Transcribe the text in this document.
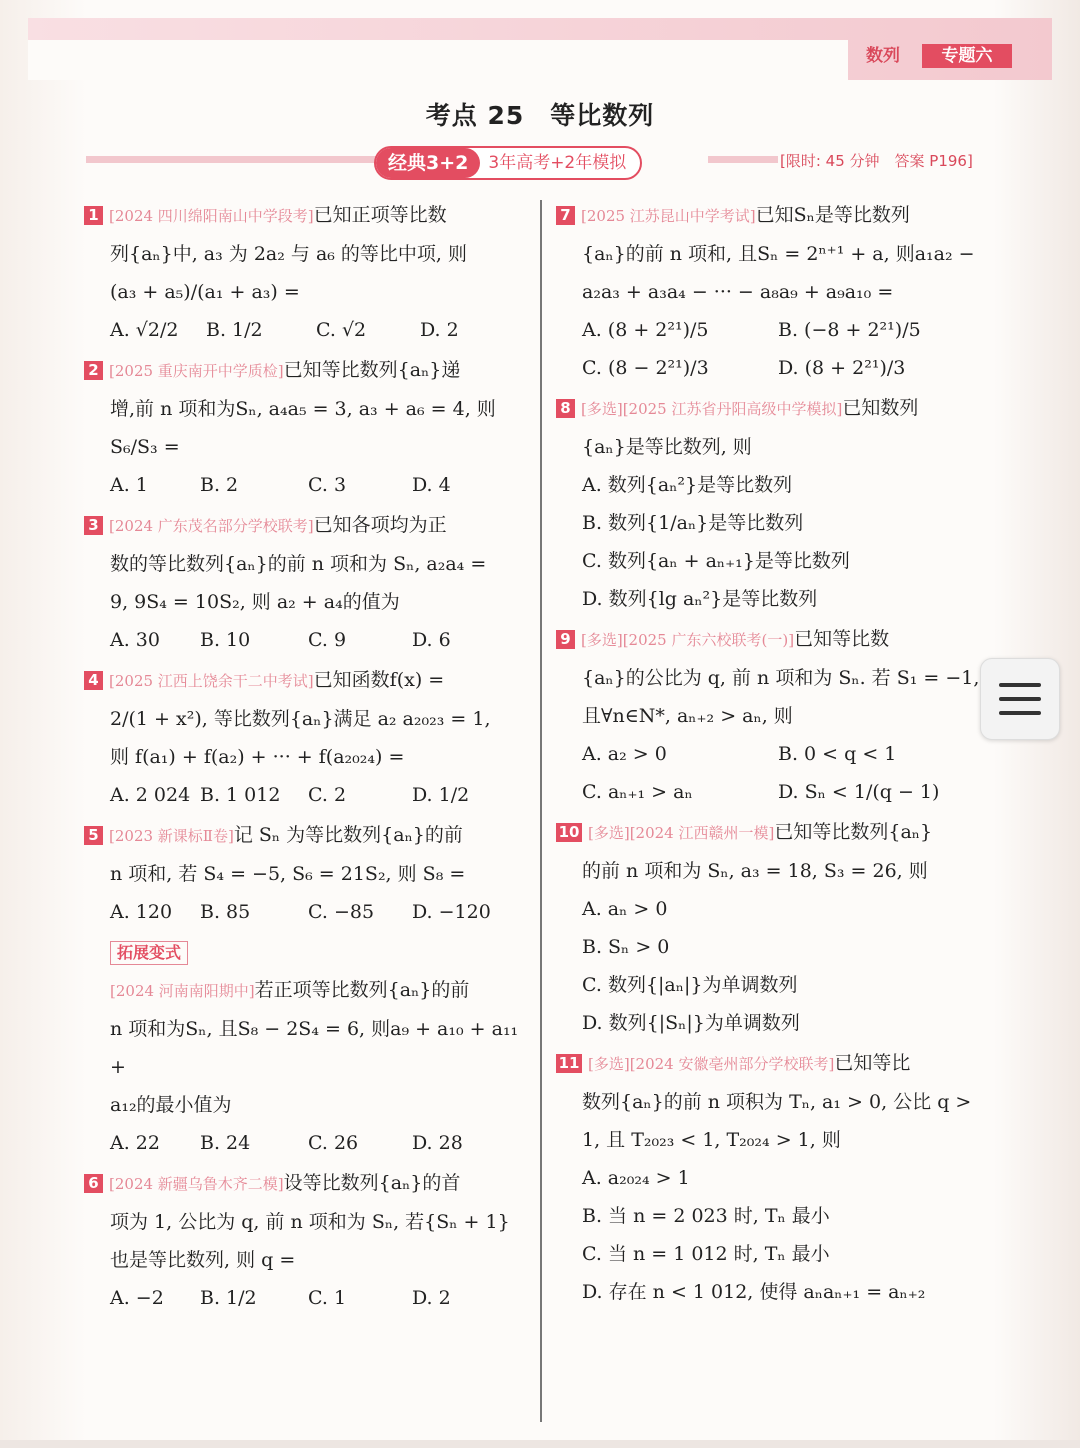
数列	专题六
考点 25　等比数列
经典3+2	3年高考+2年模拟	[限时: 45 分钟　答案 P196]
1 [2024 四川绵阳南山中学段考]已知正项等比数
列{aₙ}中, a₃ 为 2a₂ 与 a₆ 的等比中项, 则
(a₃ + a₅)/(a₁ + a₃) =
A. √2/2	B. 1/2	C. √2	D. 2
2 [2025 重庆南开中学质检]已知等比数列{aₙ}递
增,前 n 项和为Sₙ, a₄a₅ = 3, a₃ + a₆ = 4, 则 S₆/S₃ =
A. 1	B. 2	C. 3	D. 4
3 [2024 广东茂名部分学校联考]已知各项均为正
数的等比数列{aₙ}的前 n 项和为 Sₙ, a₂a₄ =
9, 9S₄ = 10S₂, 则 a₂ + a₄的值为
A. 30	B. 10	C. 9	D. 6
4 [2025 江西上饶余干二中考试]已知函数f(x) =
2/(1 + x²), 等比数列{aₙ}满足 a₂ a₂₀₂₃ = 1,
则 f(a₁) + f(a₂) + ··· + f(a₂₀₂₄) =
A. 2 024 B. 1 012	C. 2	D. 1/2
5 [2023 新课标Ⅱ卷]记 Sₙ 为等比数列{aₙ}的前
n 项和, 若 S₄ = −5, S₆ = 21S₂, 则 S₈ =
A. 120	B. 85	C. −85	D. −120
拓展变式
[2024 河南南阳期中]若正项等比数列{aₙ}的前
n 项和为Sₙ, 且S₈ − 2S₄ = 6, 则a₉ + a₁₀ + a₁₁ +
a₁₂的最小值为
A. 22	B. 24	C. 26	D. 28
6 [2024 新疆乌鲁木齐二模]设等比数列{aₙ}的首
项为 1, 公比为 q, 前 n 项和为 Sₙ, 若{Sₙ + 1}
也是等比数列, 则 q =
A. −2	B. 1/2	C. 1	D. 2
7 [2025 江苏昆山中学考试]已知Sₙ是等比数列
{aₙ}的前 n 项和, 且Sₙ = 2ⁿ⁺¹ + a, 则a₁a₂ −
a₂a₃ + a₃a₄ − ··· − a₈a₉ + a₉a₁₀ =
A. (8 + 2²¹)/5	B. (−8 + 2²¹)/5
C. (8 − 2²¹)/3	D. (8 + 2²¹)/3
8 [多选][2025 江苏省丹阳高级中学模拟]已知数列
{aₙ}是等比数列, 则
A. 数列{aₙ²}是等比数列
B. 数列{1/aₙ}是等比数列
C. 数列{aₙ + aₙ₊₁}是等比数列
D. 数列{lg aₙ²}是等比数列
9 [多选][2025 广东六校联考(一)]已知等比数
{aₙ}的公比为 q, 前 n 项和为 Sₙ. 若 S₁ = −1,
且∀n∈N*, aₙ₊₂ > aₙ, 则
A. a₂ > 0	B. 0 < q < 1
C. aₙ₊₁ > aₙ	D. Sₙ < 1/(q − 1)
10 [多选][2024 江西赣州一模]已知等比数列{aₙ}
的前 n 项和为 Sₙ, a₃ = 18, S₃ = 26, 则
A. aₙ > 0
B. Sₙ > 0
C. 数列{|aₙ|}为单调数列
D. 数列{|Sₙ|}为单调数列
11 [多选][2024 安徽亳州部分学校联考]已知等比
数列{aₙ}的前 n 项积为 Tₙ, a₁ > 0, 公比 q >
1, 且 T₂₀₂₃ < 1, T₂₀₂₄ > 1, 则
A. a₂₀₂₄ > 1
B. 当 n = 2 023 时, Tₙ 最小
C. 当 n = 1 012 时, Tₙ 最小
D. 存在 n < 1 012, 使得 aₙaₙ₊₁ = aₙ₊₂
